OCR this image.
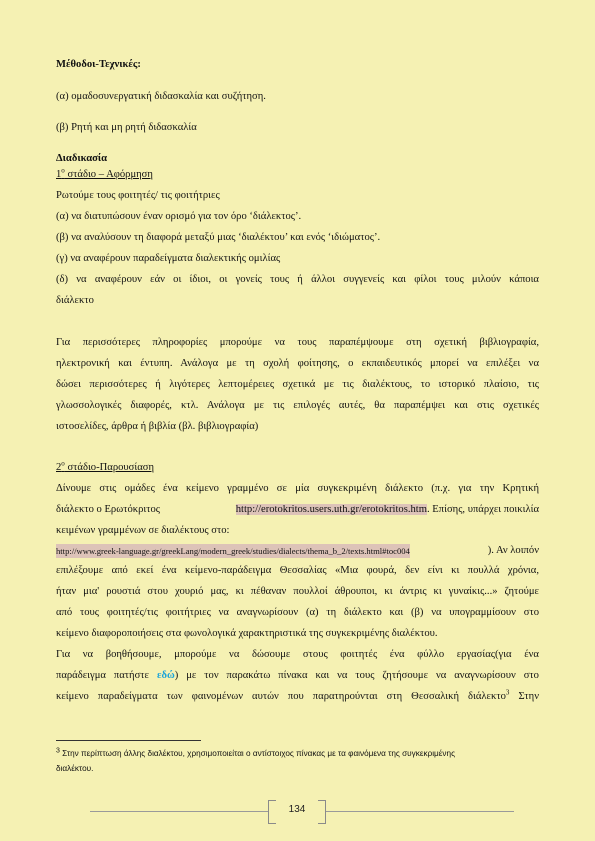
Μέθοδοι-Τεχνικές:
(α) ομαδοσυνεργατική διδασκαλία και συζήτηση.
(β) Ρητή και μη ρητή διδασκαλία
Διαδικασία
$1^o$ στάδιο – Αφόρμηση
Ρωτούμε τους φοιτητές/ τις φοιτήτριες
(α) να διατυπώσουν έναν ορισμό για τον όρο ‘διάλεκτος’.
(β) να αναλύσουν τη διαφορά μεταξύ μιας ‘διαλέκτου’ και ενός ‘ιδιώματος’.
(γ) να αναφέρουν παραδείγματα διαλεκτικής ομιλίας
(δ) να αναφέρουν εάν οι ίδιοι, οι γονείς τους ή άλλοι συγγενείς και φίλοι τους μιλούν κάποια
διάλεκτο
Για περισσότερες πληροφορίες μπορούμε να τους παραπέμψουμε στη σχετική βιβλιογραφία,
ηλεκτρονική και έντυπη. Ανάλογα με τη σχολή φοίτησης, ο εκπαιδευτικός μπορεί να επιλέξει να
δώσει περισσότερες ή λιγότερες λεπτομέρειες σχετικά με τις διαλέκτους, το ιστορικό πλαίσιο, τις
γλωσσολογικές διαφορές, κτλ. Ανάλογα με τις επιλογές αυτές, θα παραπέμψει και στις σχετικές
ιστοσελίδες, άρθρα ή βιβλία (βλ. βιβλιογραφία)
$2^o$ στάδιο-Παρουσίαση
Δίνουμε στις ομάδες ένα κείμενο γραμμένο σε μία συγκεκριμένη διάλεκτο (π.χ. για την Κρητική
διάλεκτο ο Ερωτόκριτος	http://erotokritos.users.uth.gr/erotokritos.htm. Επίσης, υπάρχει ποικιλία
κειμένων γραμμένων σε διαλέκτους στο:
http://www.greek-language.gr/greekLang/modern_greek/studies/dialects/thema_b_2/texts.html#toc004	). Αν λοιπόν
επιλέξουμε από εκεί ένα κείμενο-παράδειγμα Θεσσαλίας «Μια φουρά, δεν είνι κι πουλλά χρόνια,
ήταν μια' ρουστιά στου χουριό μας, κι πέθαναν πουλλοί άθρουποι, κι άντρις κι γυναίκις...» ζητούμε
από τους φοιτητές/τις φοιτήτριες να αναγνωρίσουν (α) τη διάλεκτο και (β) να υπογραμμίσουν στο
κείμενο διαφοροποιήσεις στα φωνολογικά χαρακτηριστικά της συγκεκριμένης διαλέκτου.
Για να βοηθήσουμε, μπορούμε να δώσουμε στους φοιτητές ένα φύλλο εργασίας(για ένα
παράδειγμα πατήστε εδώ) με τον παρακάτω πίνακα και να τους ζητήσουμε να αναγνωρίσουν στο
κείμενο παραδείγματα των φαινομένων αυτών που παρατηρούνται στη Θεσσαλική διάλεκτο$^3$ Στην
$^3$ Στην περίπτωση άλλης διαλέκτου, χρησιμοποιείται ο αντίστοιχος πίνακας με τα φαινόμενα της συγκεκριμένης
διαλέκτου.
134
